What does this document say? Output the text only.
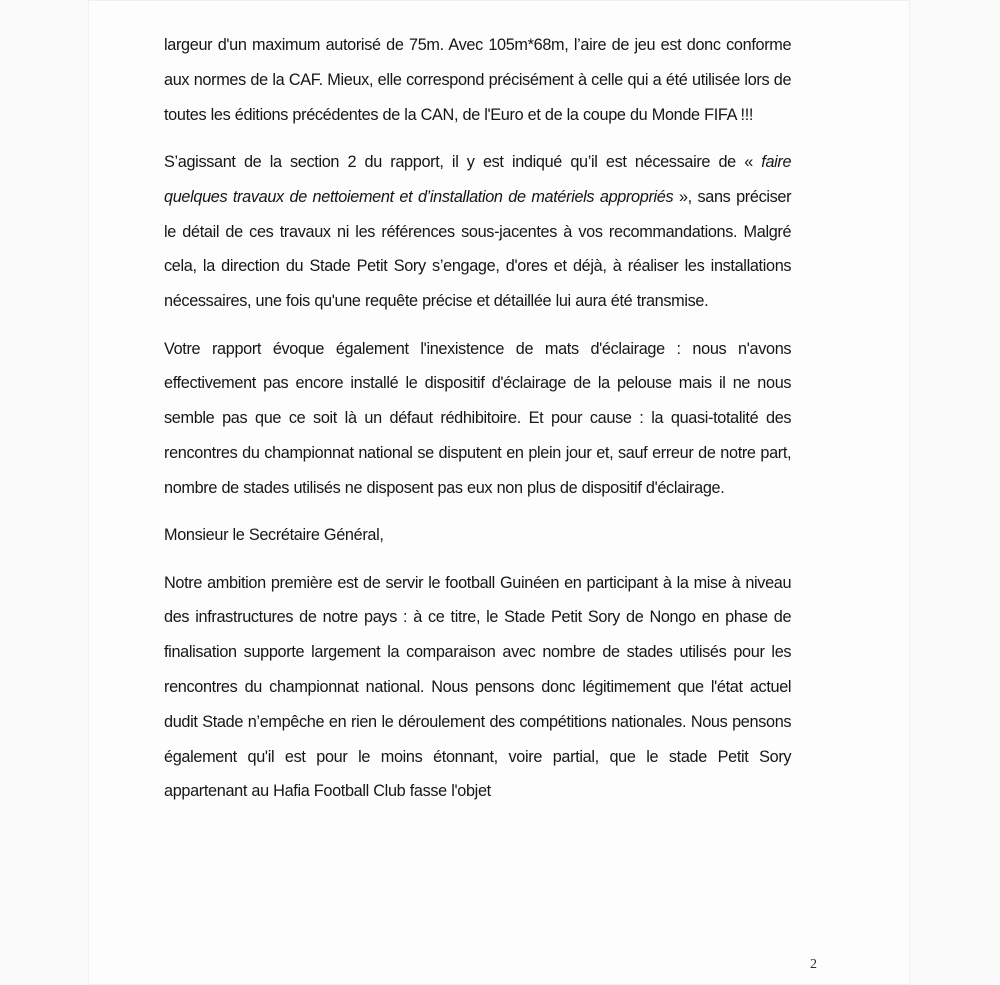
largeur d'un maximum autorisé de 75m. Avec 105m*68m, l’aire de jeu est donc conforme aux normes de la CAF. Mieux, elle correspond précisément à celle qui a été utilisée lors de toutes les éditions précédentes de la CAN, de l'Euro et de la coupe du Monde FIFA !!!

S’agissant de la section 2 du rapport, il y est indiqué qu’il est nécessaire de « faire quelques travaux de nettoiement et d’installation de matériels appropriés », sans préciser le détail de ces travaux ni les références sous-jacentes à vos recommandations. Malgré cela, la direction du Stade Petit Sory s’engage, d'ores et déjà, à réaliser les installations nécessaires, une fois qu'une requête précise et détaillée lui aura été transmise.

Votre rapport évoque également l'inexistence de mats d'éclairage : nous n'avons effectivement pas encore installé le dispositif d'éclairage de la pelouse mais il ne nous semble pas que ce soit là un défaut rédhibitoire. Et pour cause : la quasi-totalité des rencontres du championnat national se disputent en plein jour et, sauf erreur de notre part, nombre de stades utilisés ne disposent pas eux non plus de dispositif d'éclairage.

Monsieur le Secrétaire Général,

Notre ambition première est de servir le football Guinéen en participant à la mise à niveau des infrastructures de notre pays : à ce titre, le Stade Petit Sory de Nongo en phase de finalisation supporte largement la comparaison avec nombre de stades utilisés pour les rencontres du championnat national. Nous pensons donc légitimement que l'état actuel dudit Stade n’empêche en rien le déroulement des compétitions nationales. Nous pensons également qu'il est pour le moins étonnant, voire partial, que le stade Petit Sory appartenant au Hafia Football Club fasse l'objet

2
